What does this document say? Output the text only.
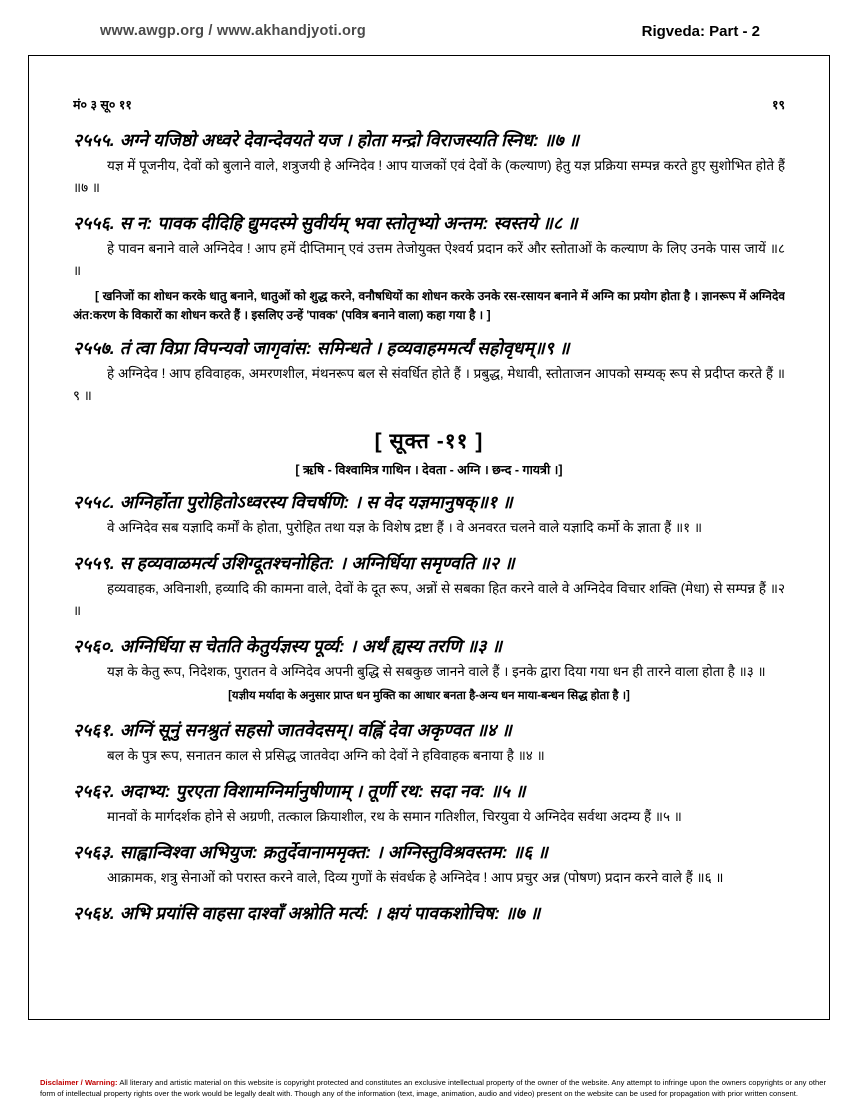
www.awgp.org / www.akhandjyoti.org	Rigveda: Part - 2
मं० ३ सू० ११	१९
२५५५. अग्ने यजिष्ठो अध्वरे देवान्देवयते यज । होता मन्द्रो विराजस्यति स्निध: ॥७ ॥
यज्ञ में पूजनीय, देवों को बुलाने वाले, शत्रुजयी हे अग्निदेव ! आप याजकों एवं देवों के (कल्याण) हेतु यज्ञ प्रक्रिया सम्पन्न करते हुए सुशोभित होते हैं ॥७ ॥
२५५६. स न: पावक दीदिहि द्युमदस्मे सुवीर्यम् भवा स्तोतृभ्यो अन्तम: स्वस्तये ॥८ ॥
हे पावन बनाने वाले अग्निदेव ! आप हमें दीप्तिमान् एवं उत्तम तेजोयुक्त ऐश्वर्य प्रदान करें और स्तोताओं के कल्याण के लिए उनके पास जायें ॥८ ॥
[ खनिजों का शोधन करके धातु बनाने, धातुओं को शुद्ध करने, वनौषधियों का शोधन करके उनके रस-रसायन बनाने में अग्नि का प्रयोग होता है । ज्ञानरूप में अग्निदेव अंत:करण के विकारों का शोधन करते हैं । इसलिए उन्हें 'पावक' (पवित्र बनाने वाला) कहा गया है । ]
२५५७. तं त्वा विप्रा विपन्यवो जागृवांस: समिन्धते । हव्यवाहममर्त्यं सहोवृधम्॥९ ॥
हे अग्निदेव ! आप हविवाहक, अमरणशील, मंथनरूप बल से संवर्धित होते हैं । प्रबुद्ध, मेधावी, स्तोताजन आपको सम्यक् रूप से प्रदीप्त करते हैं ॥९ ॥
[ सूक्त -११ ]
[ ऋषि - विश्वामित्र गाथिन । देवता - अग्नि । छन्द - गायत्री ।]
२५५८. अग्निर्होता पुरोहितोऽध्वरस्य विचर्षणि: । स वेद यज्ञमानुषक्॥१ ॥
वे अग्निदेव सब यज्ञादि कर्मों के होता, पुरोहित तथा यज्ञ के विशेष द्रष्टा हैं । वे अनवरत चलने वाले यज्ञादि कर्मो के ज्ञाता हैं ॥१ ॥
२५५९. स हव्यवाळमर्त्य उशिग्दूतश्चनोहित: । अग्निर्धिया समृण्वति ॥२ ॥
हव्यवाहक, अविनाशी, हव्यादि की कामना वाले, देवों के दूत रूप, अन्नों से सबका हित करने वाले वे अग्निदेव विचार शक्ति (मेधा) से सम्पन्न हैं ॥२ ॥
२५६०. अग्निर्धिया स चेतति केतुर्यज्ञस्य पूर्व्य: । अर्थं ह्यस्य तरणि ॥३ ॥
यज्ञ के केतु रूप, निदेशक, पुरातन वे अग्निदेव अपनी बुद्धि से सबकुछ जानने वाले हैं । इनके द्वारा दिया गया धन ही तारने वाला होता है ॥३ ॥
[यज्ञीय मर्यादा के अनुसार प्राप्त धन मुक्ति का आधार बनता है-अन्य धन माया-बन्धन सिद्ध होता है ।]
२५६१. अग्निं सूनुं सनश्रुतं सहसो जातवेदसम्। वह्निं देवा अकृण्वत ॥४ ॥
बल के पुत्र रूप, सनातन काल से प्रसिद्ध जातवेदा अग्नि को देवों ने हविवाहक बनाया है ॥४ ॥
२५६२. अदाभ्य: पुरएता विशामग्निर्मानुषीणाम् । तूर्णी रथ: सदा नव: ॥५ ॥
मानवों के मार्गदर्शक होने से अग्रणी, तत्काल क्रियाशील, रथ के समान गतिशील, चिरयुवा ये अग्निदेव सर्वथा अदम्य हैं ॥५ ॥
२५६३. साह्वान्विश्वा अभियुज: क्रतुर्देवानाममृक्त: । अग्निस्तुविश्रवस्तम: ॥६ ॥
आक्रामक, शत्रु सेनाओं को परास्त करने वाले, दिव्य गुणों के संवर्धक हे अग्निदेव ! आप प्रचुर अन्न (पोषण) प्रदान करने वाले हैं ॥६ ॥
२५६४. अभि प्रयांसि वाहसा दाश्वाँ अश्नोति मर्त्य: । क्षयं पावकशोचिष: ॥७ ॥
Disclaimer / Warning: All literary and artistic material on this website is copyright protected and constitutes an exclusive intellectual property of the owner of the website. Any attempt to infringe upon the owners copyrights or any other form of intellectual property rights over the work would be legally dealt with. Though any of the information (text, image, animation, audio and video) present on the website can be used for propagation with prior written consent.
